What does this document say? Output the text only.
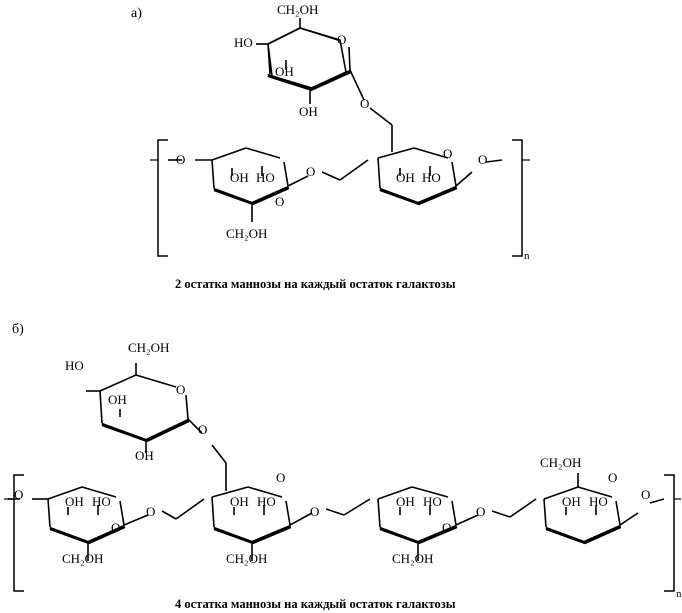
а)	CH₂OH
HO	O
OH
OH
O
O
OH HO
O
CH₂OH
O	OH HO
O O
n
2 остатка маннозы на каждый остаток галактозы
б)
CH₂OH
HO
O
OH
OH
O
O	OH HO
O
CH₂OH
O
OH HO
O
CH₂OH
O
OH HO
O
CH₂OH
O
CH₂OH
OH HO
O
O
n
4 остатка маннозы на каждый остаток галактозы
